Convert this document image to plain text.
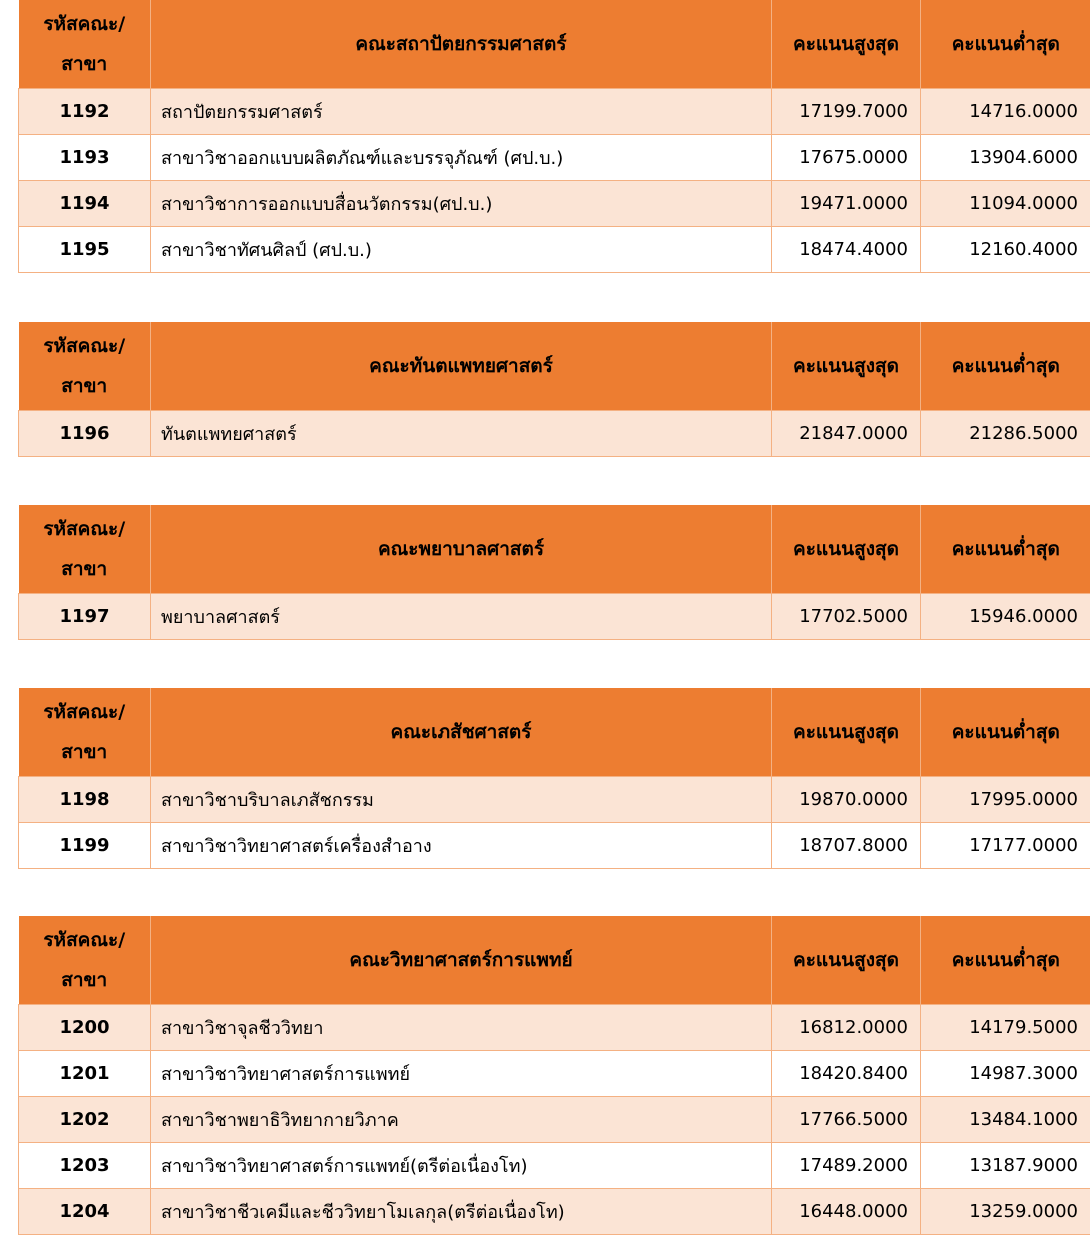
รหัสคณะ/
สาขา	คณะสถาปัตยกรรมศาสตร์	คะแนนสูงสุด	คะแนนต่ำสุด
1192	สถาปัตยกรรมศาสตร์	17199.7000	14716.0000
1193	สาขาวิชาออกแบบผลิตภัณฑ์และบรรจุภัณฑ์ (ศป.บ.)	17675.0000	13904.6000
1194	สาขาวิชาการออกแบบสื่อนวัตกรรม(ศป.บ.)	19471.0000	11094.0000
1195	สาขาวิชาทัศนศิลป์ (ศป.บ.)	18474.4000	12160.4000
รหัสคณะ/
สาขา	คณะทันตแพทยศาสตร์	คะแนนสูงสุด	คะแนนต่ำสุด
1196	ทันตแพทยศาสตร์	21847.0000	21286.5000
รหัสคณะ/
สาขา	คณะพยาบาลศาสตร์	คะแนนสูงสุด	คะแนนต่ำสุด
1197	พยาบาลศาสตร์	17702.5000	15946.0000
รหัสคณะ/
สาขา	คณะเภสัชศาสตร์	คะแนนสูงสุด	คะแนนต่ำสุด
1198	สาขาวิชาบริบาลเภสัชกรรม	19870.0000	17995.0000
1199	สาขาวิชาวิทยาศาสตร์เครื่องสำอาง	18707.8000	17177.0000
รหัสคณะ/
สาขา	คณะวิทยาศาสตร์การแพทย์	คะแนนสูงสุด	คะแนนต่ำสุด
1200	สาขาวิชาจุลชีววิทยา	16812.0000	14179.5000
1201	สาขาวิชาวิทยาศาสตร์การแพทย์	18420.8400	14987.3000
1202	สาขาวิชาพยาธิวิทยากายวิภาค	17766.5000	13484.1000
1203	สาขาวิชาวิทยาศาสตร์การแพทย์(ตรีต่อเนื่องโท)	17489.2000	13187.9000
1204	สาขาวิชาชีวเคมีและชีววิทยาโมเลกุล(ตรีต่อเนื่องโท)	16448.0000	13259.0000
